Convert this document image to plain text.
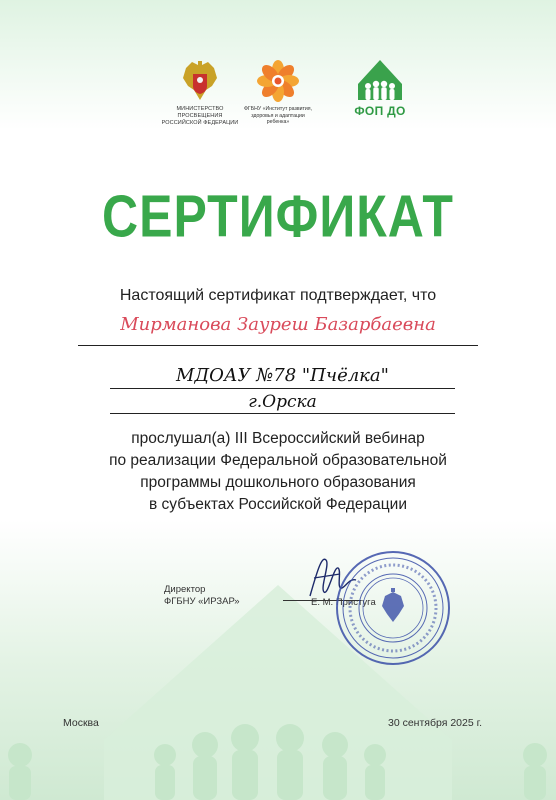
МИНИСТЕРСТВО ПРОСВЕЩЕНИЯ
РОССИЙСКОЙ ФЕДЕРАЦИИ
ФГБНУ «Институт развития,
здоровья и адаптации
ребенка»
ФОП ДО
СЕРТИФИКАТ
Настоящий сертификат подтверждает, что
Мирманова Зауреш Базарбаевна
МДОАУ №78 "Пчёлка"
г.Орска
прослушал(а) III Всероссийский вебинар
по реализации Федеральной образовательной
программы дошкольного образования
в субъектах Российской Федерации
Директор
ФГБНУ «ИРЗАР»	Е. М. Пристуга
Москва	30 сентября 2025 г.
